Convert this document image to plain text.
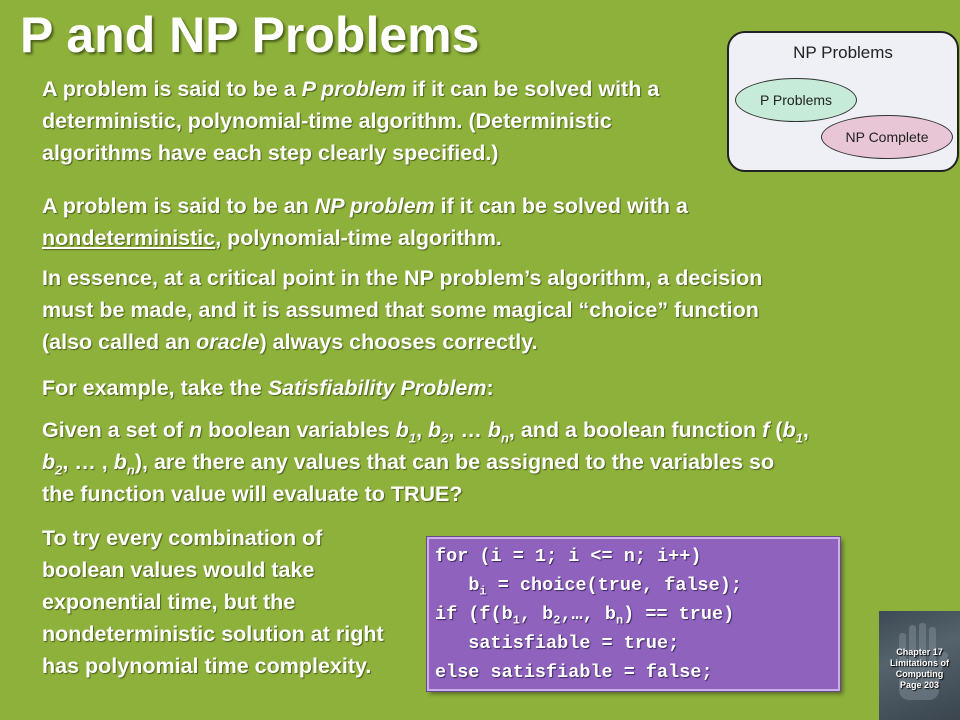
P and NP Problems	NP Problems
P Problems
NP Complete

A problem is said to be a P problem if it can be solved with a deterministic, polynomial-time algorithm. (Deterministic algorithms have each step clearly specified.)

A problem is said to be an NP problem if it can be solved with a nondeterministic, polynomial-time algorithm.

In essence, at a critical point in the NP problem’s algorithm, a decision must be made, and it is assumed that some magical “choice” function (also called an oracle) always chooses correctly.

For example, take the Satisfiability Problem:

Given a set of n boolean variables $b_1$, $b_2$, … $b_n$, and a boolean function f ($b_1$, $b_2$, … , $b_n$), are there any values that can be assigned to the variables so the function value will evaluate to TRUE?

To try every combination of boolean values would take exponential time, but the nondeterministic solution at right has polynomial time complexity.

for (i = 1; i <= n; i++)
$b_i$ = choice(true, false);
if ($f(b_1$, $b_2,\dots$, $b_n$) == true)
satisfiable = true;
else satisfiable = false;
Chapter 17
Limitations of
Computing
Page 203
